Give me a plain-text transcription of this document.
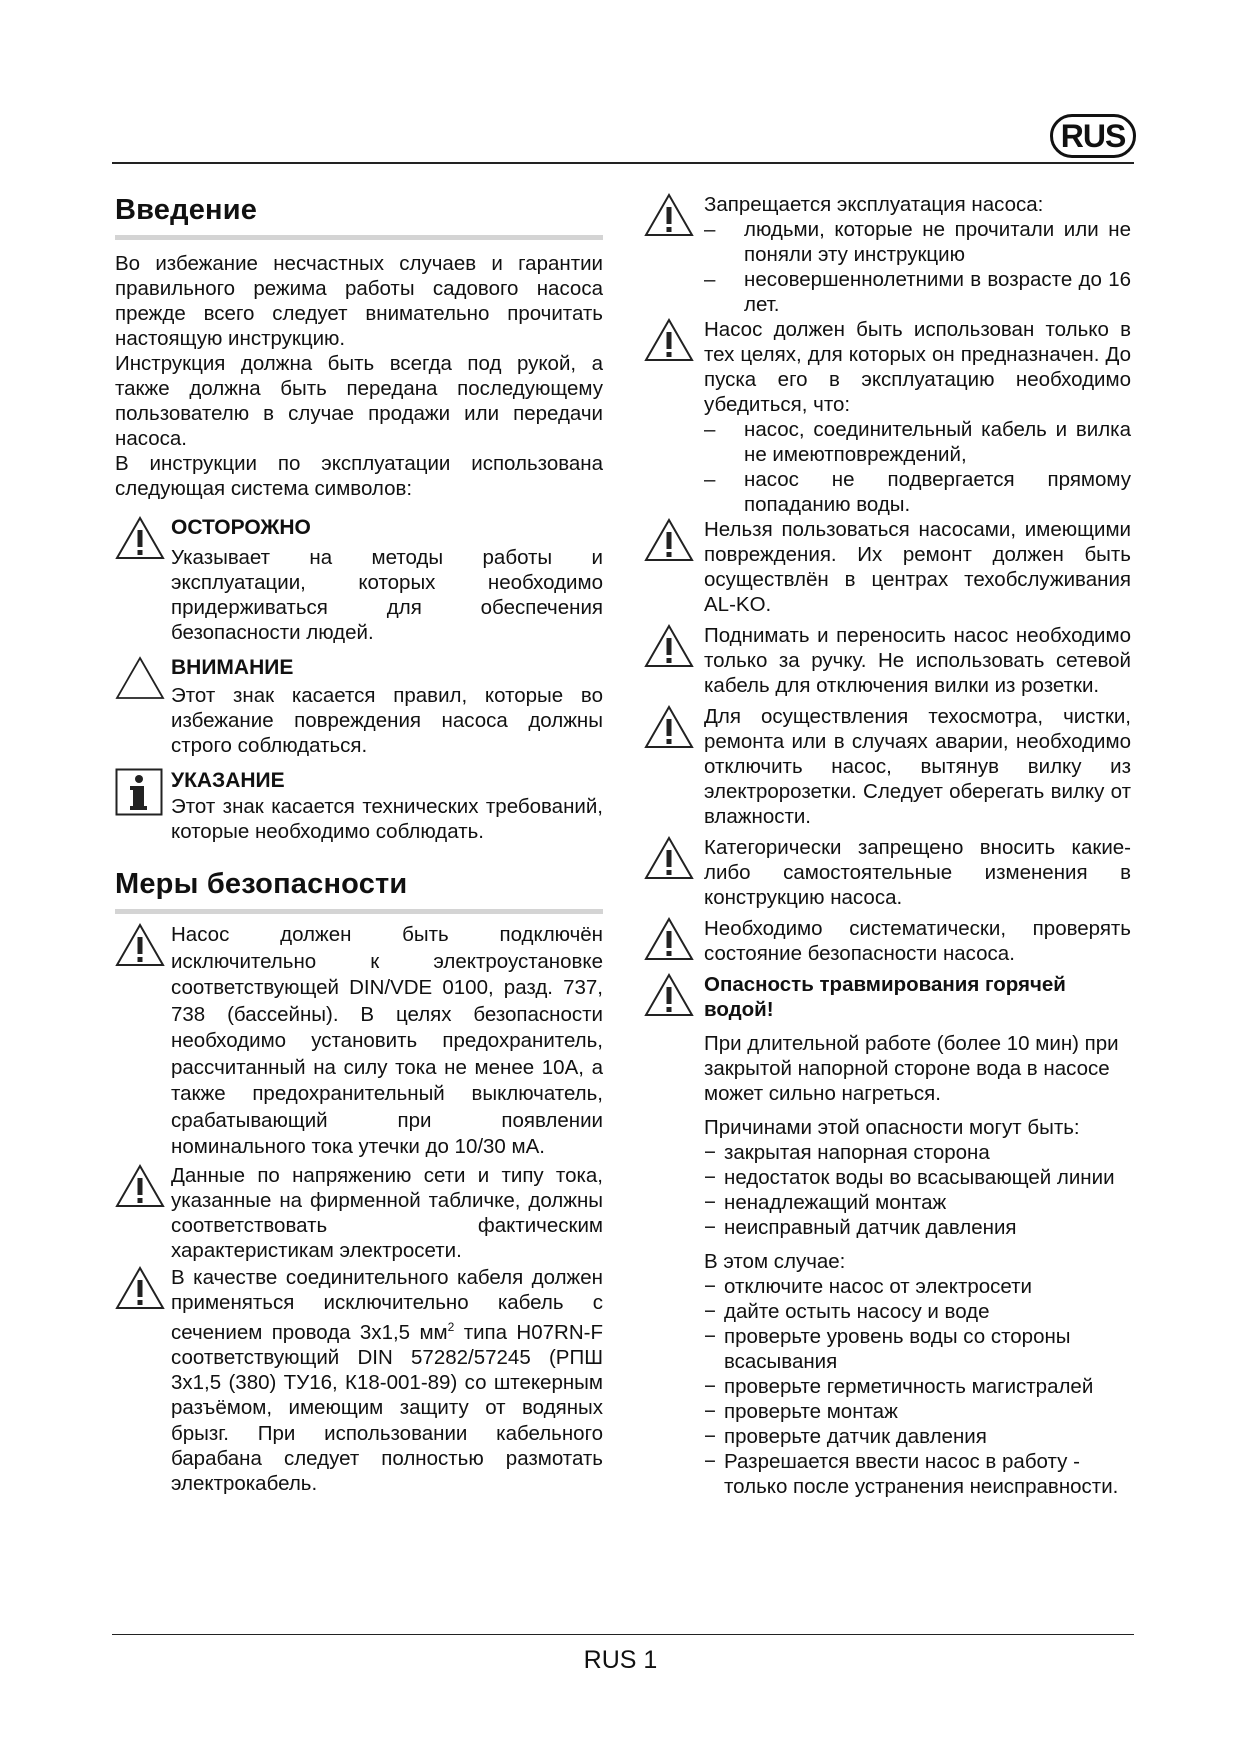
RUS
Введение

Во избежание несчастных случаев и гарантии правильного режима работы садового насоса прежде всего следует внимательно прочитать настоящую инструкцию.

Инструкция должна быть всегда под рукой, а также должна быть передана последующему пользователю в случае продажи или передачи насоса.

В инструкции по эксплуатации использована следующая система символов:

ОСТОРОЖНО

Указывает на методы работы и эксплуатации, которых необходимо придерживаться для обеспечения безопасности людей.

ВНИМАНИЕ

Этот знак касается правил, которые во избежание повреждения насоса должны строго соблюдаться.

УКАЗАНИЕ

Этот знак касается технических требований, которые необходимо соблюдать.

Меры безопасности

Насос должен быть подключён исключительно к электроустановке соответствующей DIN/VDE 0100, разд. 737, 738 (бассейны). В целях безопасности необходимо установить предохранитель, рассчитанный на силу тока не менее 10A, а также предохранительный выключатель, срабатывающий при появлении номинального тока утечки до 10/30 мА.

Данные по напряжению сети и типу тока, указанные на фирменной табличке, должны соответствовать фактическим характеристикам электросети.

В качестве соединительного кабеля должен применяться исключительно кабель с сечением провода 3х1,5 $мм^2$ типа H07RN-F соответствующий DIN 57282/57245 (РПШ 3х1,5 (380) ТУ16, К18-001-89) со штекерным разъёмом, имеющим защиту от водяных брызг. При использовании кабельного барабана следует полностью размотать электрокабель.

Запрещается эксплуатация насоса:

– людьми, которые не прочитали или не поняли эту инструкцию
– несовершеннолетними в возрасте до 16 лет.

Насос должен быть использован только в тех целях, для которых он предназначен. До пуска его в эксплуатацию необходимо убедиться, что:

– насос, соединительный кабель и вилка не имеютповреждений,
– насос не подвергается прямому попаданию воды.

Нельзя пользоваться насосами, имеющими повреждения. Их ремонт должен быть осуществлён в центрах техобслуживания AL-KO.

Поднимать и переносить насос необходимо только за ручку. Не использовать сетевой кабель для отключения вилки из розетки.

Для осуществления техосмотра, чистки, ремонта или в случаях аварии, необходимо отключить насос, вытянув вилку из электророзетки. Следует оберегать вилку от влажности.

Категорически запрещено вносить какие-либо самостоятельные изменения в конструкцию насоса.

Необходимо систематически, проверять состояние безопасности насоса.

Опасность травмирования горячей водой!

При длительной работе (более 10 мин) при закрытой напорной стороне вода в насосе может сильно нагреться.

Причинами этой опасности могут быть:

− закрытая напорная сторона
− недостаток воды во всасывающей линии
− ненадлежащий монтаж
− неисправный датчик давления

В этом случае:

− отключите насос от электросети
− дайте остыть насосу и воде
− проверьте уровень воды со стороны всасывания
− проверьте герметичность магистралей
− проверьте монтаж
− проверьте датчик давления
− Разрешается ввести насос в работу - только после устранения неисправности.
RUS 1
